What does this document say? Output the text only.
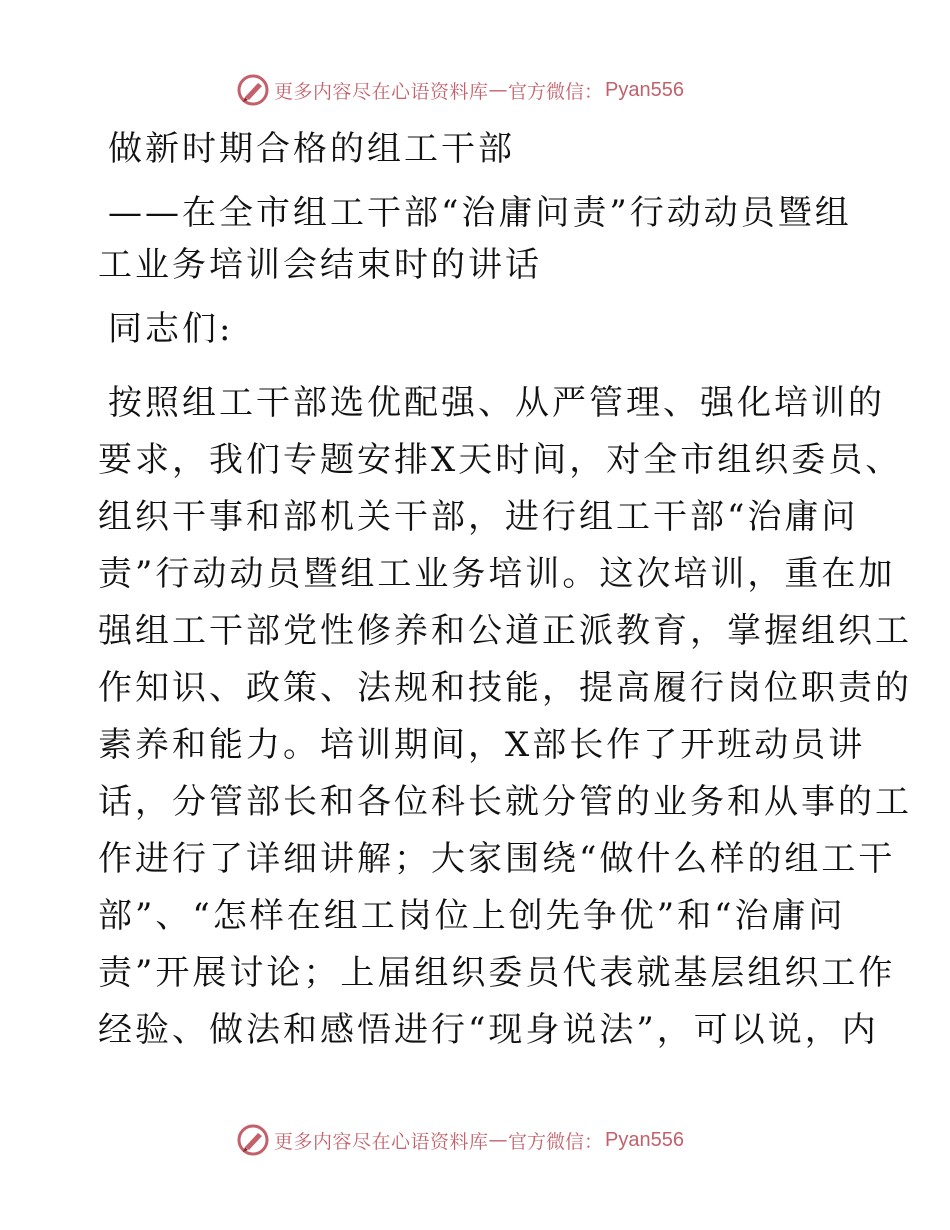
更多内容尽在心语资料库 — 官方微信： Pyan556
做新时期合格的组工干部
——在全市组工干部“治庸问责”行动动员暨组
工业务培训会结束时的讲话
同志们:
按照组工干部选优配强、从严管理、强化培训的
要求，我们专题安排X天时间，对全市组织委员、
组织干事和部机关干部，进行组工干部“治庸问
责”行动动员暨组工业务培训。这次培训，重在加
强组工干部党性修养和公道正派教育，掌握组织工
作知识、政策、法规和技能，提高履行岗位职责的
素养和能力。培训期间，X部长作了开班动员讲
话，分管部长和各位科长就分管的业务和从事的工
作进行了详细讲解；大家围绕“做什么样的组工干
部”、“怎样在组工岗位上创先争优”和“治庸问
责”开展讨论；上届组织委员代表就基层组织工作
经验、做法和感悟进行“现身说法”，可以说，内
更多内容尽在心语资料库 — 官方微信： Pyan556
